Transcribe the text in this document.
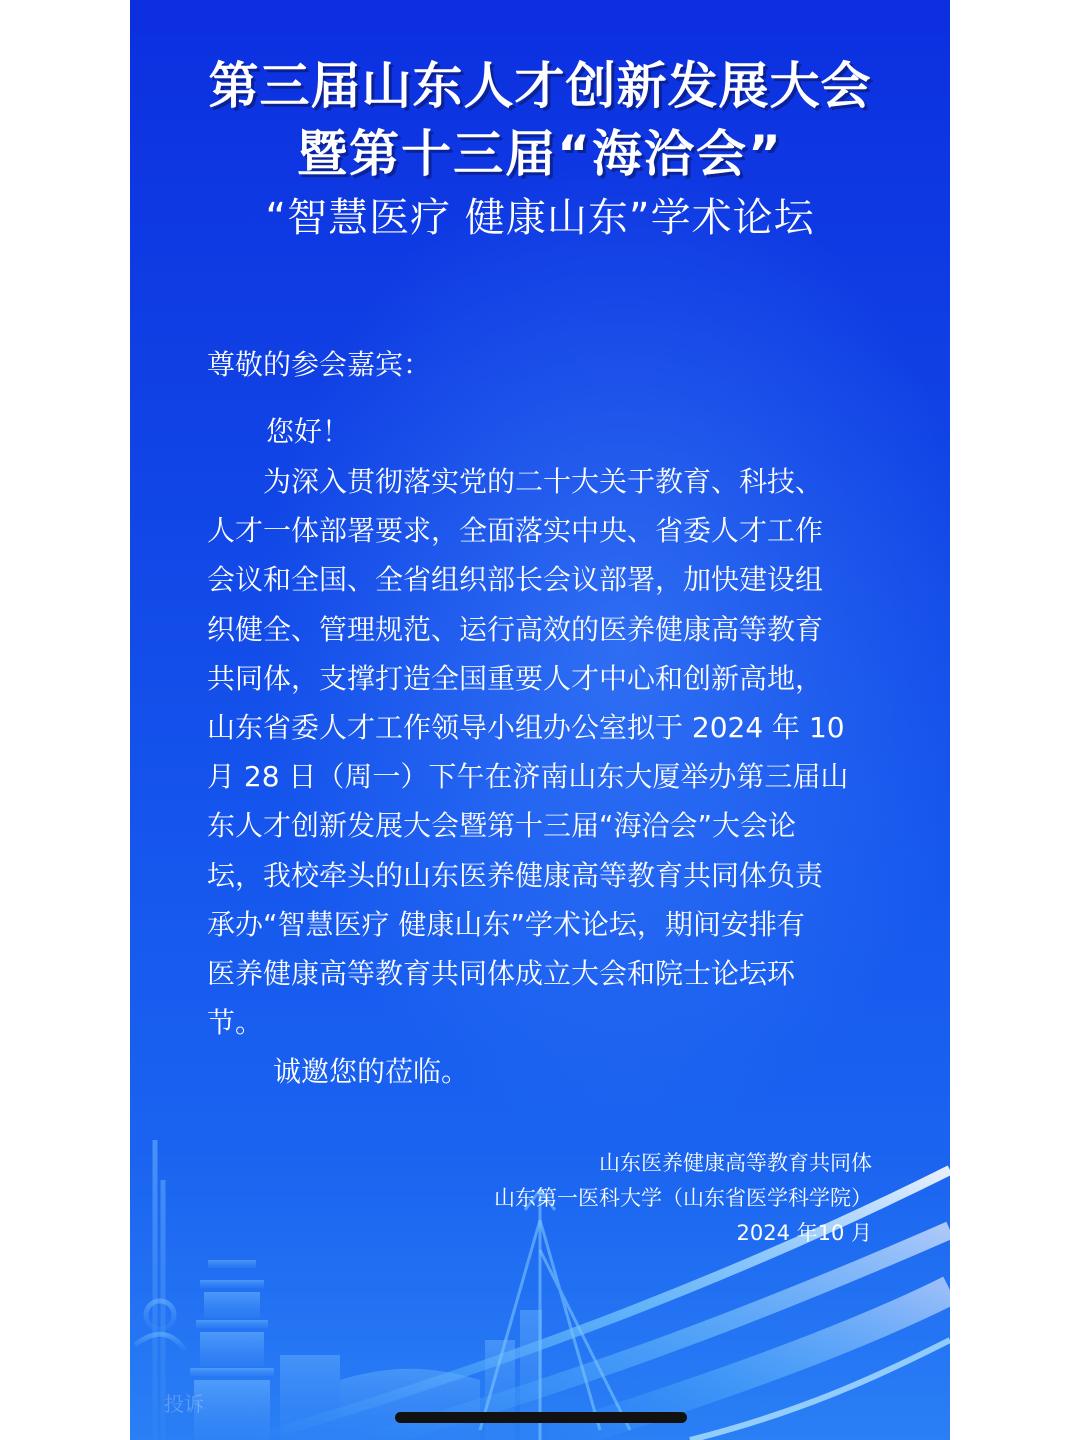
第三届山东人才创新发展大会
暨第十三届“海洽会”
“智慧医疗 健康山东”学术论坛
尊敬的参会嘉宾：
您好！
　　为深入贯彻落实党的二十大关于教育、科技、
人才一体部署要求，全面落实中央、省委人才工作
会议和全国、全省组织部长会议部署，加快建设组
织健全、管理规范、运行高效的医养健康高等教育
共同体，支撑打造全国重要人才中心和创新高地，
山东省委人才工作领导小组办公室拟于 2024 年 10
月 28 日（周一）下午在济南山东大厦举办第三届山
东人才创新发展大会暨第十三届“海洽会”大会论
坛，我校牵头的山东医养健康高等教育共同体负责
承办“智慧医疗 健康山东”学术论坛，期间安排有
医养健康高等教育共同体成立大会和院士论坛环
节。
诚邀您的莅临。
投诉
山东医养健康高等教育共同体
山东第一医科大学（山东省医学科学院）
2024 年10 月
